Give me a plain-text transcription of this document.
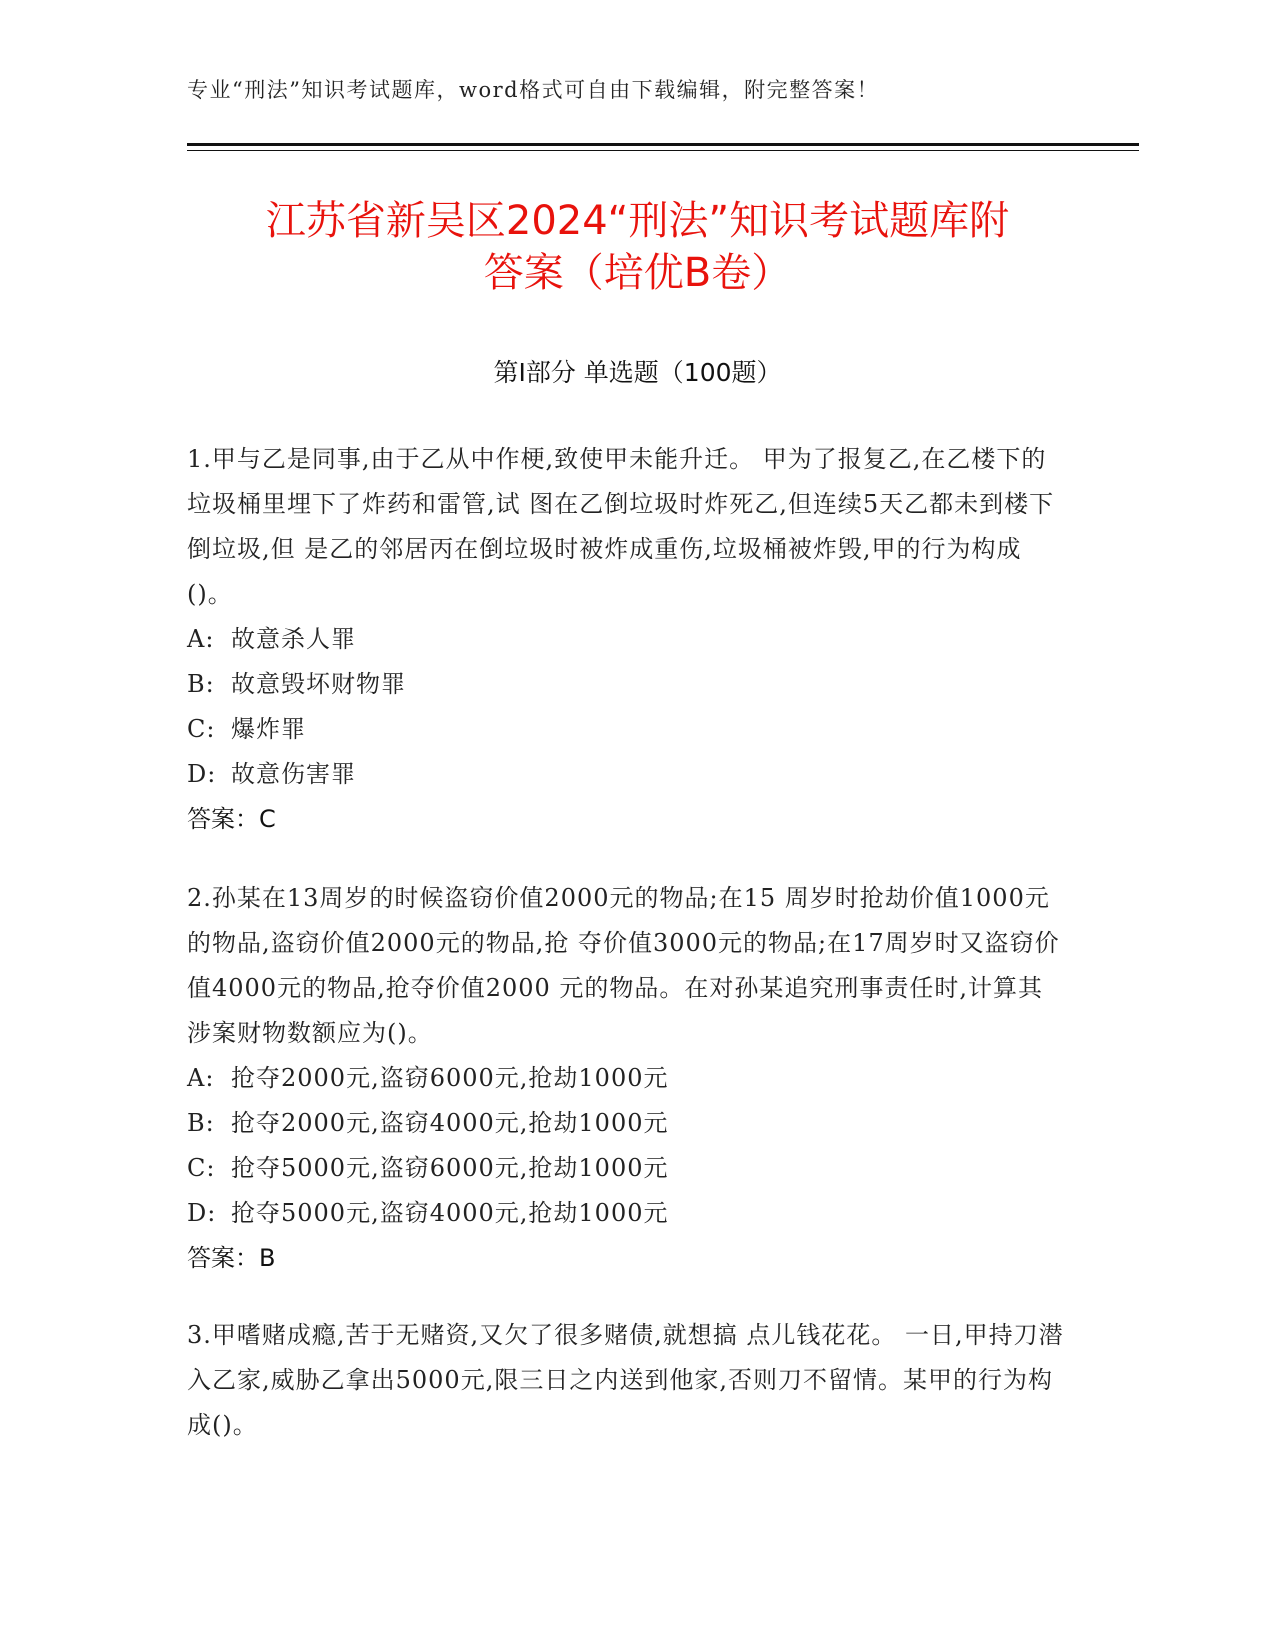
专业“刑法”知识考试题库，word格式可自由下载编辑，附完整答案！
江苏省新吴区2024“刑法”知识考试题库附
答案（培优B卷）
第Ⅰ部分 单选题（100题）

1.甲与乙是同事,由于乙从中作梗,致使甲未能升迁。 甲为了报复乙,在乙楼下的垃圾桶里埋下了炸药和雷管,试 图在乙倒垃圾时炸死乙,但连续5天乙都未到楼下倒垃圾,但 是乙的邻居丙在倒垃圾时被炸成重伤,垃圾桶被炸毁,甲的行为构成()。

A: 故意杀人罪
B: 故意毁坏财物罪
C: 爆炸罪
D: 故意伤害罪

答案：C

2.孙某在13周岁的时候盗窃价值2000元的物品;在15 周岁时抢劫价值1000元的物品,盗窃价值2000元的物品,抢 夺价值3000元的物品;在17周岁时又盗窃价值4000元的物品,抢夺价值2000 元的物品。在对孙某追究刑事责任时,计算其涉案财物数额应为()。

A: 抢夺2000元,盗窃6000元,抢劫1000元
B: 抢夺2000元,盗窃4000元,抢劫1000元
C: 抢夺5000元,盗窃6000元,抢劫1000元
D: 抢夺5000元,盗窃4000元,抢劫1000元

答案：B

3.甲嗜赌成瘾,苦于无赌资,又欠了很多赌债,就想搞 点儿钱花花。 一日,甲持刀潜入乙家,威胁乙拿出5000元,限三日之内送到他家,否则刀不留情。某甲的行为构成()。
